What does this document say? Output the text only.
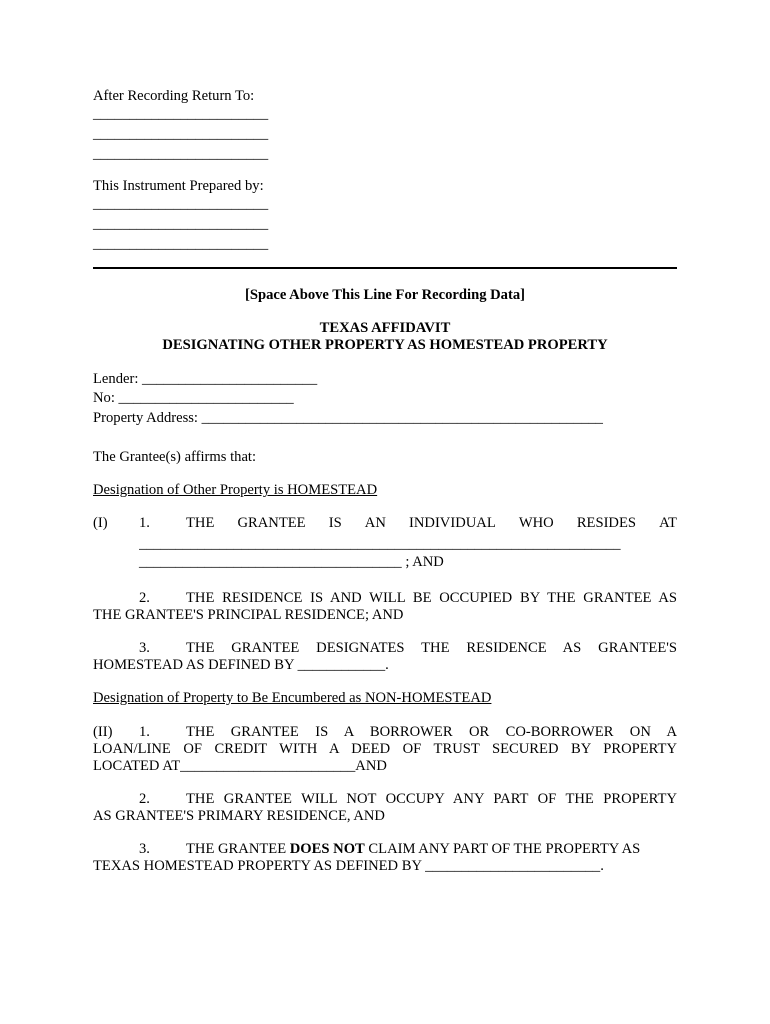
After Recording Return To:
________________________
________________________
________________________
This Instrument Prepared by:
________________________
________________________
________________________
[Space Above This Line For Recording Data]
TEXAS AFFIDAVIT
DESIGNATING OTHER PROPERTY AS HOMESTEAD PROPERTY
Lender: ________________________
No: ________________________
Property Address: _______________________________________________________
The Grantee(s) affirms that:
Designation of Other Property is HOMESTEAD
(I) 1. THE GRANTEE IS AN INDIVIDUAL WHO RESIDES AT
__________________________________________________________________
____________________________________ ; AND
2. THE RESIDENCE IS AND WILL BE OCCUPIED BY THE GRANTEE AS
THE GRANTEE'S PRINCIPAL RESIDENCE; AND
3. THE GRANTEE DESIGNATES THE RESIDENCE AS GRANTEE'S
HOMESTEAD AS DEFINED BY ____________.
Designation of Property to Be Encumbered as NON-HOMESTEAD
(II) 1. THE GRANTEE IS A BORROWER OR CO-BORROWER ON A
LOAN/LINE OF CREDIT WITH A DEED OF TRUST SECURED BY PROPERTY
LOCATED AT________________________AND
2. THE GRANTEE WILL NOT OCCUPY ANY PART OF THE PROPERTY
AS GRANTEE'S PRIMARY RESIDENCE, AND
3. THE GRANTEE DOES NOT CLAIM ANY PART OF THE PROPERTY AS
TEXAS HOMESTEAD PROPERTY AS DEFINED BY ________________________.
